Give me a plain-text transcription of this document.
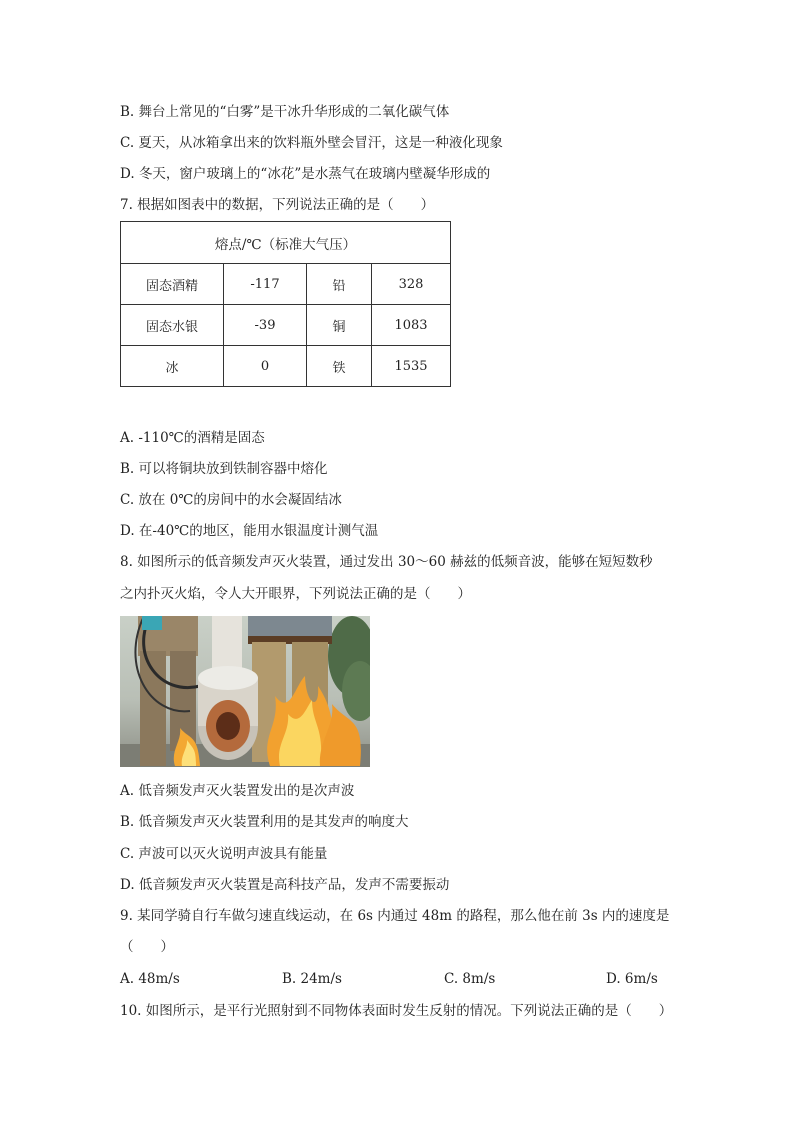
B. 舞台上常见的“白雾”是干冰升华形成的二氧化碳气体
C. 夏天，从冰箱拿出来的饮料瓶外壁会冒汗，这是一种液化现象
D. 冬天，窗户玻璃上的“冰花”是水蒸气在玻璃内壁凝华形成的
7. 根据如图表中的数据，下列说法正确的是（　　）
熔点/℃（标准大气压）			
固态酒精	-117	铅	328
固态水银	-39	铜	1083
冰	0	铁	1535
A. -110℃的酒精是固态
B. 可以将铜块放到铁制容器中熔化
C. 放在 0℃的房间中的水会凝固结冰
D. 在-40℃的地区，能用水银温度计测气温
8. 如图所示的低音频发声灭火装置，通过发出 30～60 赫兹的低频音波，能够在短短数秒
之内扑灭火焰，令人大开眼界，下列说法正确的是（　　）
A. 低音频发声灭火装置发出的是次声波
B. 低音频发声灭火装置利用的是其发声的响度大
C. 声波可以灭火说明声波具有能量
D. 低音频发声灭火装置是高科技产品，发声不需要振动
9. 某同学骑自行车做匀速直线运动，在 6s 内通过 48m 的路程，那么他在前 3s 内的速度是
（　　）
A. 48m/s	B. 24m/s	C. 8m/s	D. 6m/s
10. 如图所示，是平行光照射到不同物体表面时发生反射的情况。下列说法正确的是（　　）
